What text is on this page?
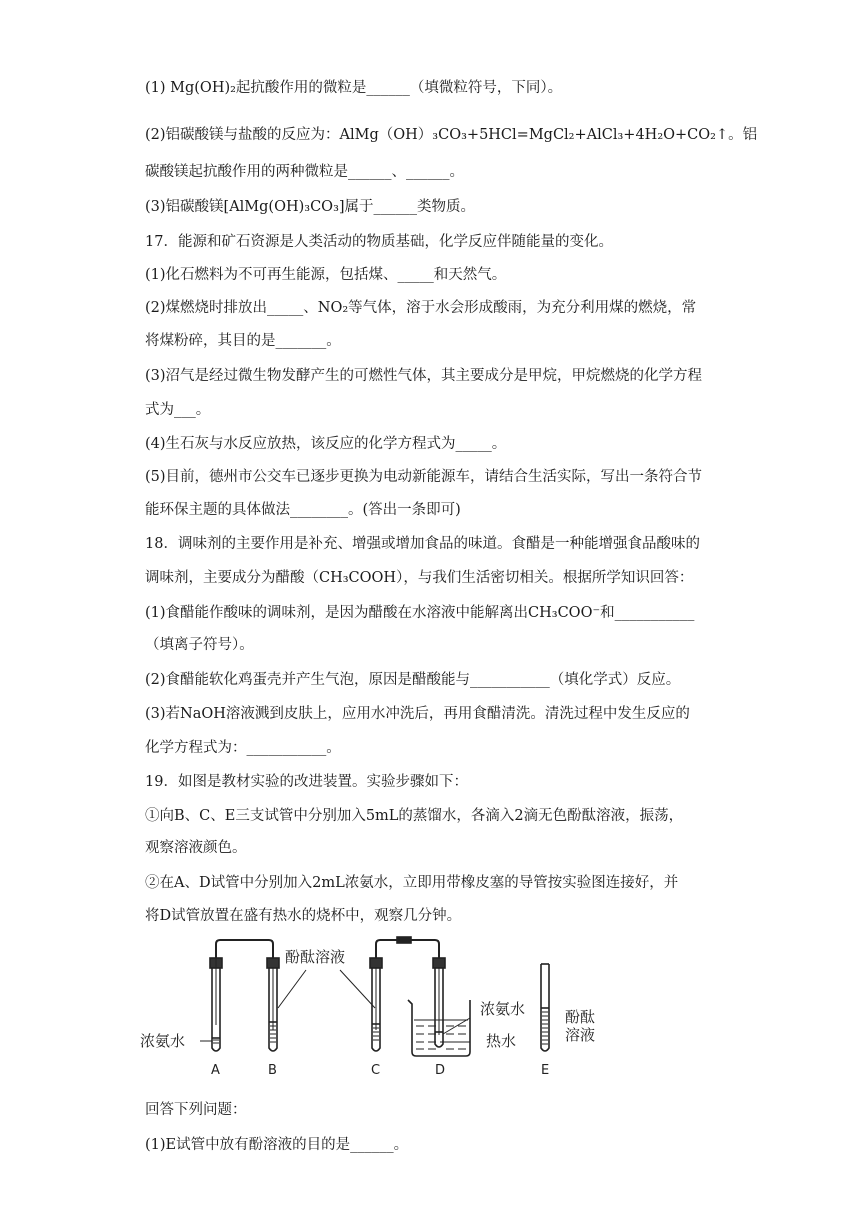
(1) Mg(OH)₂起抗酸作用的微粒是______（填微粒符号，下同）。
(2)铝碳酸镁与盐酸的反应为：AlMg（OH）₃CO₃+5HCl=MgCl₂+AlCl₃+4H₂O+CO₂↑。铝
碳酸镁起抗酸作用的两种微粒是______、______。
(3)铝碳酸镁[AlMg(OH)₃CO₃]属于______类物质。
17．能源和矿石资源是人类活动的物质基础，化学反应伴随能量的变化。
(1)化石燃料为不可再生能源，包括煤、_____和天然气。
(2)煤燃烧时排放出_____、NO₂等气体，溶于水会形成酸雨，为充分利用煤的燃烧，常
将煤粉碎，其目的是_______。
(3)沼气是经过微生物发酵产生的可燃性气体，其主要成分是甲烷，甲烷燃烧的化学方程
式为___。
(4)生石灰与水反应放热，该反应的化学方程式为_____。
(5)目前，德州市公交车已逐步更换为电动新能源车，请结合生活实际，写出一条符合节
能环保主题的具体做法________。(答出一条即可)
18．调味剂的主要作用是补充、增强或增加食品的味道。食醋是一种能增强食品酸味的
调味剂，主要成分为醋酸（CH₃COOH），与我们生活密切相关。根据所学知识回答：
(1)食醋能作酸味的调味剂，是因为醋酸在水溶液中能解离出CH₃COO⁻和___________
（填离子符号）。
(2)食醋能软化鸡蛋壳并产生气泡，原因是醋酸能与___________（填化学式）反应。
(3)若NaOH溶液溅到皮肤上，应用水冲洗后，再用食醋清洗。清洗过程中发生反应的
化学方程式为：___________。
19．如图是教材实验的改进装置。实验步骤如下：
①向B、C、E三支试管中分别加入5mL的蒸馏水，各滴入2滴无色酚酞溶液，振荡，
观察溶液颜色。
②在A、D试管中分别加入2mL浓氨水，立即用带橡皮塞的导管按实验图连接好，并
将D试管放置在盛有热水的烧杯中，观察几分钟。
浓氨水
酚酞溶液
浓氨水
热水
酚酞
溶液
A	B	C	D	E
回答下列问题：
(1)E试管中放有酚溶液的目的是______。
